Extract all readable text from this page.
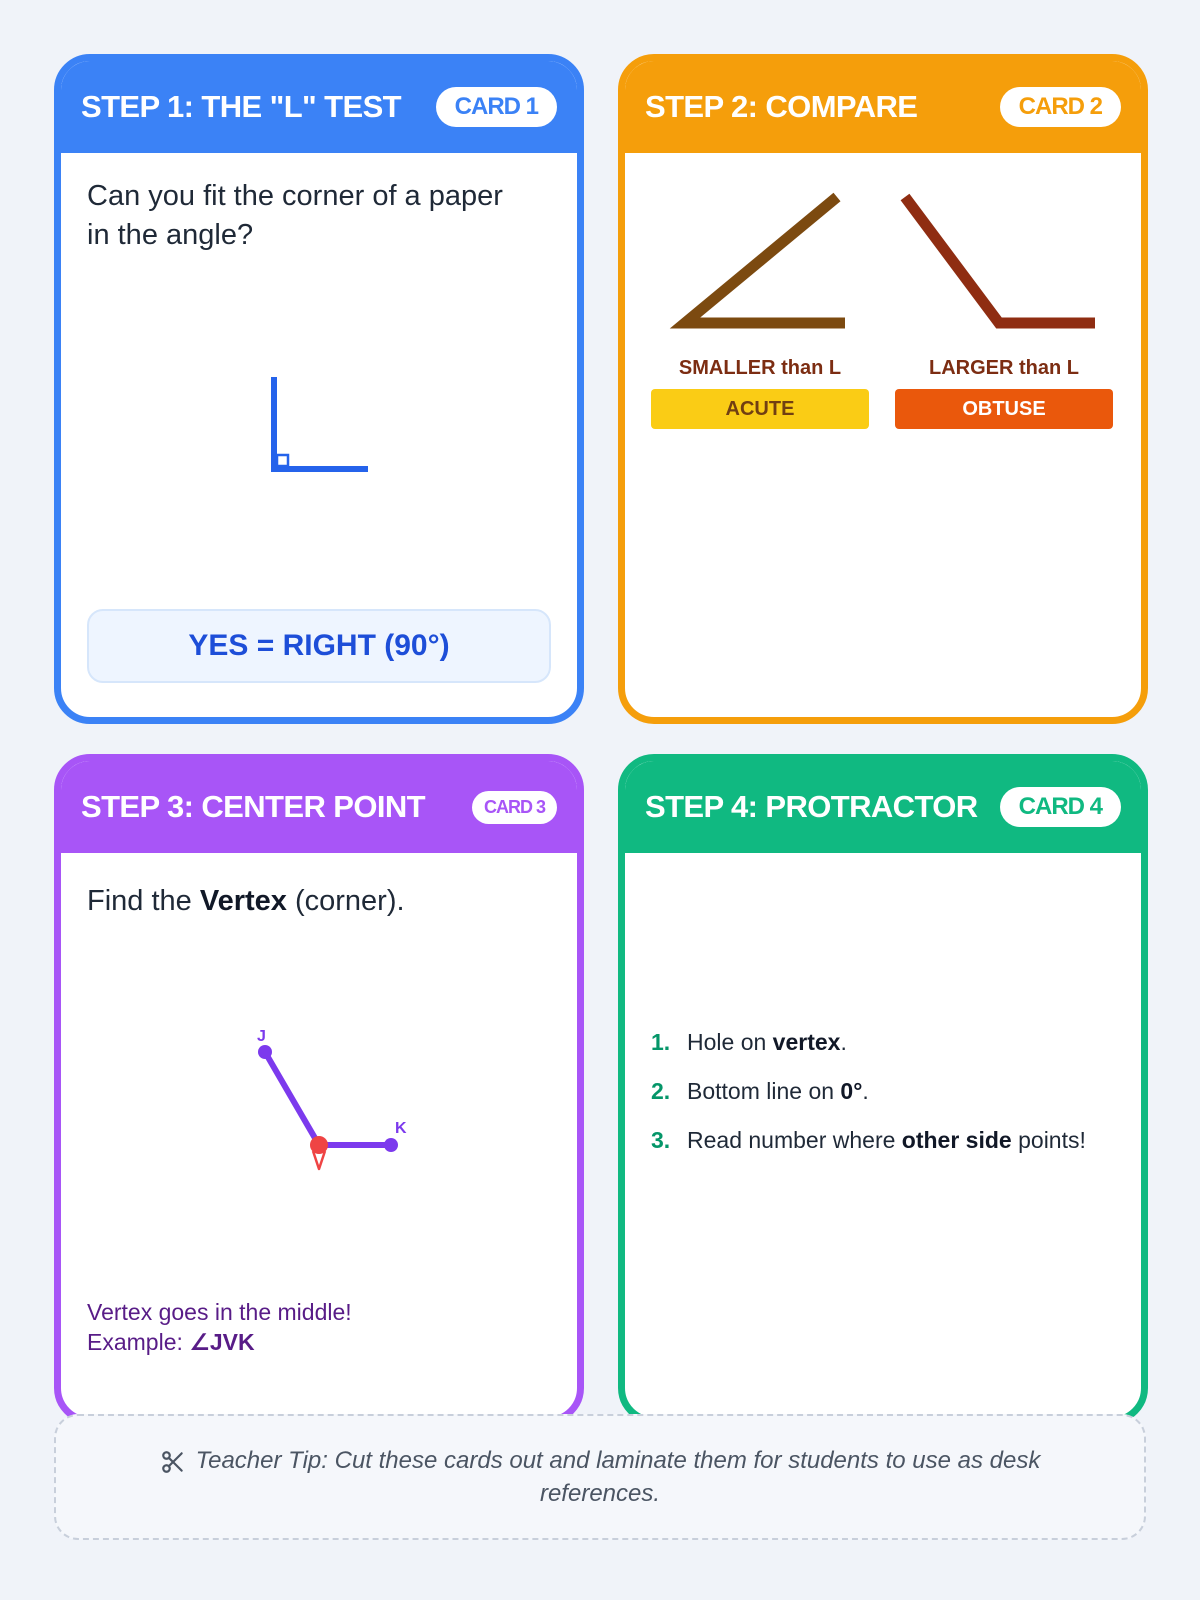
STEP 1: THE "L" TEST	CARD 1
Can you fit the corner of a paper in the angle?
YES = RIGHT (90°)
STEP 2: COMPARE	CARD 2
SMALLER than L	LARGER than L
ACUTE	OBTUSE
STEP 3: CENTER POINT	CARD 3
Find the Vertex (corner).
J
K
Vertex goes in the middle!
Example: ∠JVK
STEP 4: PROTRACTOR	CARD 4
1. Hole on vertex.
2. Bottom line on 0°.
3. Read number where other side points!
Teacher Tip: Cut these cards out and laminate them for students to use as desk references.
